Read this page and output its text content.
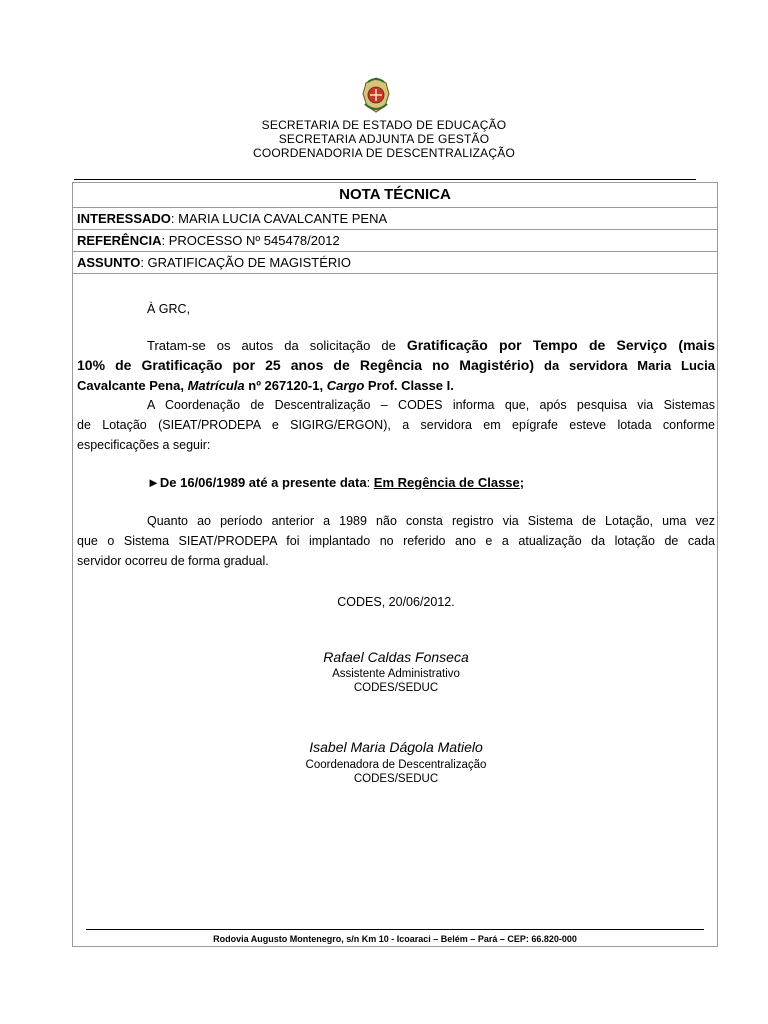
SECRETARIA DE ESTADO DE EDUCAÇÃO
SECRETARIA ADJUNTA DE GESTÃO
COORDENADORIA DE DESCENTRALIZAÇÃO
NOTA TÉCNICA
INTERESSADO: MARIA LUCIA CAVALCANTE PENA
REFERÊNCIA: PROCESSO Nº 545478/2012
ASSUNTO: GRATIFICAÇÃO DE MAGISTÉRIO
À GRC,
Tratam-se os autos da solicitação de Gratificação por Tempo de Serviço (mais
10% de Gratificação por 25 anos de Regência no Magistério) da servidora Maria Lucia
Cavalcante Pena, Matrícula nº 267120-1, Cargo Prof. Classe I.
A Coordenação de Descentralização – CODES informa que, após pesquisa via Sistemas
de Lotação (SIEAT/PRODEPA e SIGIRG/ERGON), a servidora em epígrafe esteve lotada conforme
especificações a seguir:
►De 16/06/1989 até a presente data: Em Regência de Classe;
Quanto ao período anterior a 1989 não consta registro via Sistema de Lotação, uma vez
que o Sistema SIEAT/PRODEPA foi implantado no referido ano e a atualização da lotação de cada
servidor ocorreu de forma gradual.
CODES, 20/06/2012.
Rafael Caldas Fonseca
Assistente Administrativo
CODES/SEDUC
Isabel Maria Dágola Matielo
Coordenadora de Descentralização
CODES/SEDUC
Rodovia Augusto Montenegro, s/n Km 10 - Icoaraci – Belém – Pará – CEP: 66.820-000
